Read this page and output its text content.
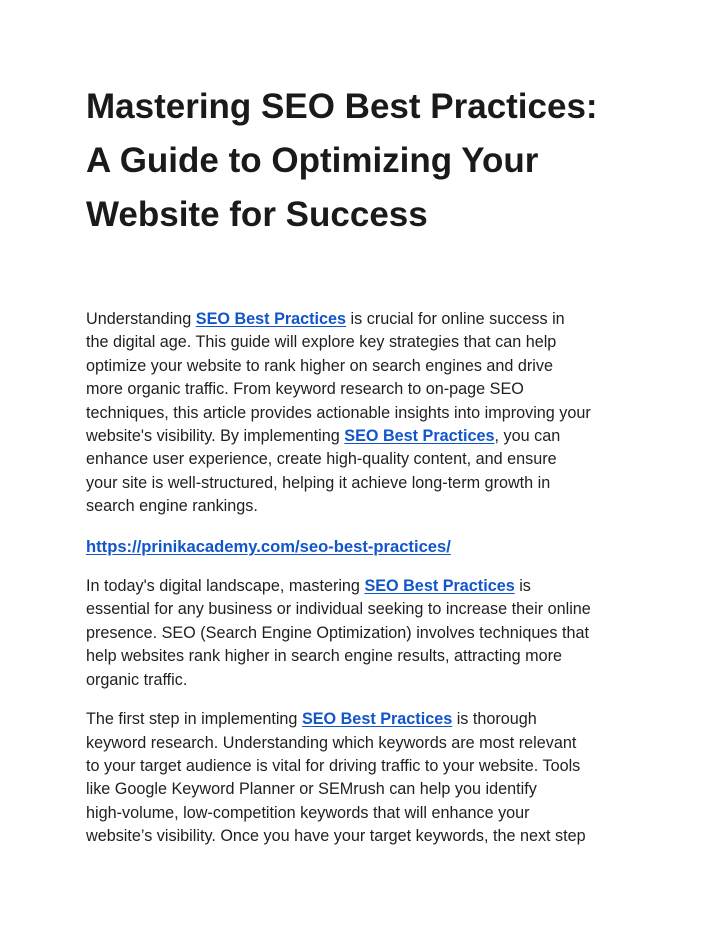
Mastering SEO Best Practices:
A Guide to Optimizing Your
Website for Success

Understanding SEO Best Practices is crucial for online success in
the digital age. This guide will explore key strategies that can help
optimize your website to rank higher on search engines and drive
more organic traffic. From keyword research to on-page SEO
techniques, this article provides actionable insights into improving your
website's visibility. By implementing SEO Best Practices, you can
enhance user experience, create high-quality content, and ensure
your site is well-structured, helping it achieve long-term growth in
search engine rankings.

https://prinikacademy.com/seo-best-practices/

In today's digital landscape, mastering SEO Best Practices is
essential for any business or individual seeking to increase their online
presence. SEO (Search Engine Optimization) involves techniques that
help websites rank higher in search engine results, attracting more
organic traffic.

The first step in implementing SEO Best Practices is thorough
keyword research. Understanding which keywords are most relevant
to your target audience is vital for driving traffic to your website. Tools
like Google Keyword Planner or SEMrush can help you identify
high-volume, low-competition keywords that will enhance your
website’s visibility. Once you have your target keywords, the next step
